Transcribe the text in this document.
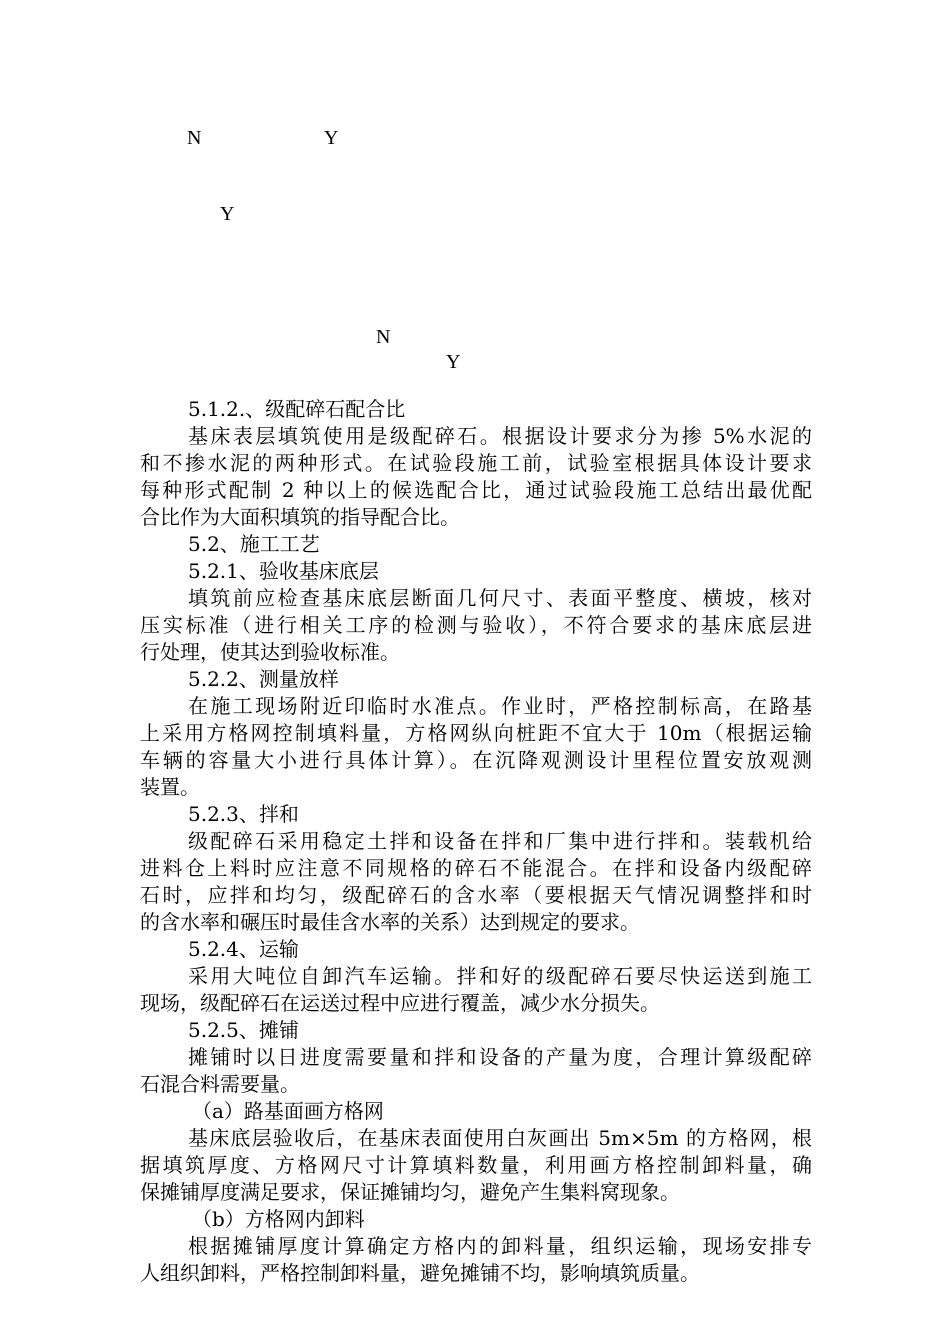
N	Y
Y
N
Y
5.1.2.、级配碎石配合比
基床表层填筑使用是级配碎石。根据设计要求分为掺 5%水泥的
和不掺水泥的两种形式。在试验段施工前，试验室根据具体设计要求
每种形式配制 2 种以上的候选配合比，通过试验段施工总结出最优配
合比作为大面积填筑的指导配合比。
5.2、施工工艺
5.2.1、验收基床底层
填筑前应检查基床底层断面几何尺寸、表面平整度、横坡，核对
压实标准（进行相关工序的检测与验收），不符合要求的基床底层进
行处理，使其达到验收标准。
5.2.2、测量放样
在施工现场附近印临时水准点。作业时，严格控制标高，在路基
上采用方格网控制填料量，方格网纵向桩距不宜大于 10m（根据运输
车辆的容量大小进行具体计算）。在沉降观测设计里程位置安放观测
装置。
5.2.3、拌和
级配碎石采用稳定土拌和设备在拌和厂集中进行拌和。装载机给
进料仓上料时应注意不同规格的碎石不能混合。在拌和设备内级配碎
石时，应拌和均匀，级配碎石的含水率（要根据天气情况调整拌和时
的含水率和碾压时最佳含水率的关系）达到规定的要求。
5.2.4、运输
采用大吨位自卸汽车运输。拌和好的级配碎石要尽快运送到施工
现场，级配碎石在运送过程中应进行覆盖，减少水分损失。
5.2.5、摊铺
摊铺时以日进度需要量和拌和设备的产量为度，合理计算级配碎
石混合料需要量。
（a）路基面画方格网
基床底层验收后，在基床表面使用白灰画出 5m×5m 的方格网，根
据填筑厚度、方格网尺寸计算填料数量，利用画方格控制卸料量，确
保摊铺厚度满足要求，保证摊铺均匀，避免产生集料窝现象。
（b）方格网内卸料
根据摊铺厚度计算确定方格内的卸料量，组织运输，现场安排专
人组织卸料，严格控制卸料量，避免摊铺不均，影响填筑质量。
